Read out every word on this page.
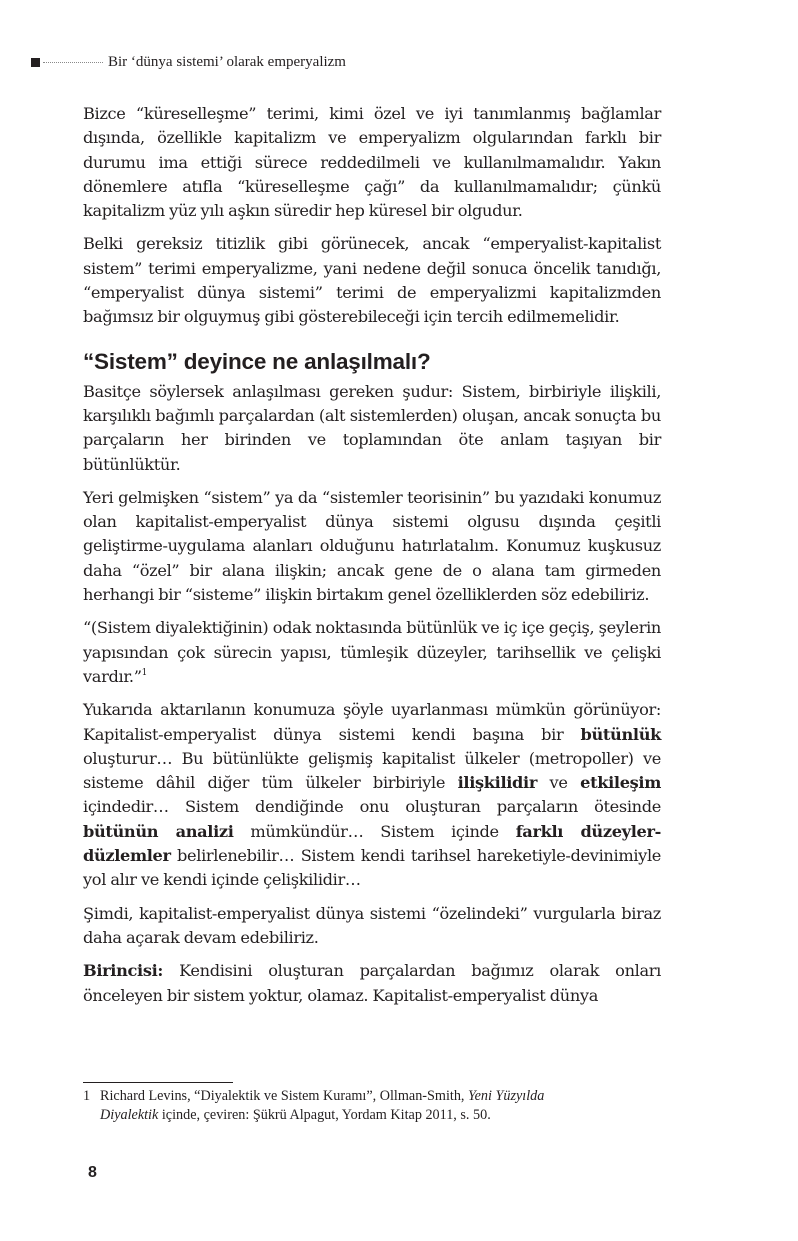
Bir ‘dünya sistemi’ olarak emperyalizm

Bizce “küreselleşme” terimi, kimi özel ve iyi tanımlanmış bağlamlar dışında, özellikle kapitalizm ve emperyalizm olgularından farklı bir durumu ima ettiği sürece reddedilmeli ve kullanılmamalıdır. Yakın dönemlere atıfla “küreselleşme çağı” da kullanılmamalıdır; çünkü kapitalizm yüz yılı aşkın süredir hep küresel bir olgudur.

Belki gereksiz titizlik gibi görünecek, ancak “emperyalist-kapitalist sistem” terimi emperyalizme, yani nedene değil sonuca öncelik tanıdığı, “emperyalist dünya sistemi” terimi de emperyalizmi kapitalizmden bağımsız bir olguymuş gibi gösterebileceği için tercih edilmemelidir.

“Sistem” deyince ne anlaşılmalı?

Basitçe söylersek anlaşılması gereken şudur: Sistem, birbiriyle ilişkili, karşılıklı bağımlı parçalardan (alt sistemlerden) oluşan, ancak sonuçta bu parçaların her birinden ve toplamından öte anlam taşıyan bir bütünlüktür.

Yeri gelmişken “sistem” ya da “sistemler teorisinin” bu yazıdaki konumuz olan kapitalist-emperyalist dünya sistemi olgusu dışında çeşitli geliştirme-uygulama alanları olduğunu hatırlatalım. Konumuz kuşkusuz daha “özel” bir alana ilişkin; ancak gene de o alana tam girmeden herhangi bir “sisteme” ilişkin birtakım genel özelliklerden söz edebiliriz.

“(Sistem diyalektiğinin) odak noktasında bütünlük ve iç içe geçiş, şeylerin yapısından çok sürecin yapısı, tümleşik düzeyler, tarihsellik ve çelişki vardır.”$^1$

Yukarıda aktarılanın konumuza şöyle uyarlanması mümkün görünüyor: Kapitalist-emperyalist dünya sistemi kendi başına bir bütünlük oluşturur… Bu bütünlükte gelişmiş kapitalist ülkeler (metropoller) ve sisteme dâhil diğer tüm ülkeler birbiriyle ilişkilidir ve etkileşim içindedir… Sistem dendiğinde onu oluşturan parçaların ötesinde bütünün analizi mümkündür… Sistem içinde farklı düzeyler-düzlemler belirlenebilir… Sistem kendi tarihsel hareketiyle-devinimiyle yol alır ve kendi içinde çelişkilidir…

Şimdi, kapitalist-emperyalist dünya sistemi “özelindeki” vurgularla biraz daha açarak devam edebiliriz.

Birincisi: Kendisini oluşturan parçalardan bağımız olarak onları önceleyen bir sistem yoktur, olamaz. Kapitalist-emperyalist dünya

1 Richard Levins, “Diyalektik ve Sistem Kuramı”, Ollman-Smith, Yeni Yüzyılda
Diyalektik içinde, çeviren: Şükrü Alpagut, Yordam Kitap 2011, s. 50.
8
